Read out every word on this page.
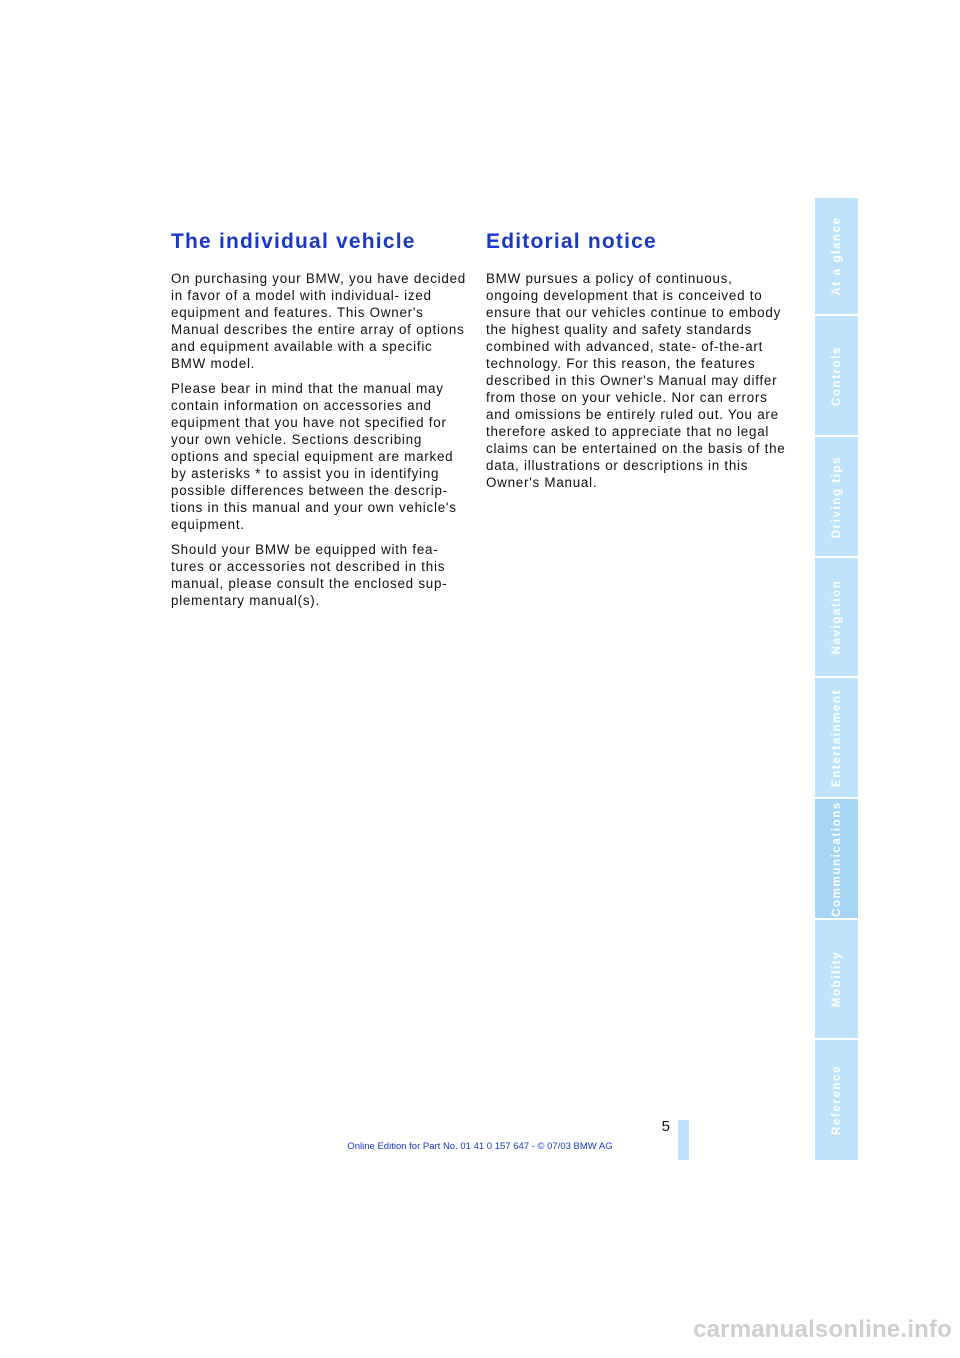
The individual vehicle

On purchasing your BMW, you have decided in favor of a model with individual- ized equipment and features. This Owner's Manual describes the entire array of options and equipment available with a specific BMW model.

Please bear in mind that the manual may contain information on accessories and equipment that you have not specified for your own vehicle. Sections describing options and special equipment are marked by asterisks * to assist you in identifying possible differences between the descrip- tions in this manual and your own vehicle's equipment.

Should your BMW be equipped with fea- tures or accessories not described in this manual, please consult the enclosed sup- plementary manual(s).

Editorial notice

BMW pursues a policy of continuous, ongoing development that is conceived to ensure that our vehicles continue to embody the highest quality and safety standards combined with advanced, state- of-the-art technology. For this reason, the features described in this Owner's Manual may differ from those on your vehicle. Nor can errors and omissions be entirely ruled out. You are therefore asked to appreciate that no legal claims can be entertained on the basis of the data, illustrations or descriptions in this Owner's Manual.

At a glance
Controls
Driving tips
Navigation
Entertainment
Communications
Mobility
Reference
5
Online Edition for Part No. 01 41 0 157 647 - © 07/03 BMW AG
carmanualsonline.info
